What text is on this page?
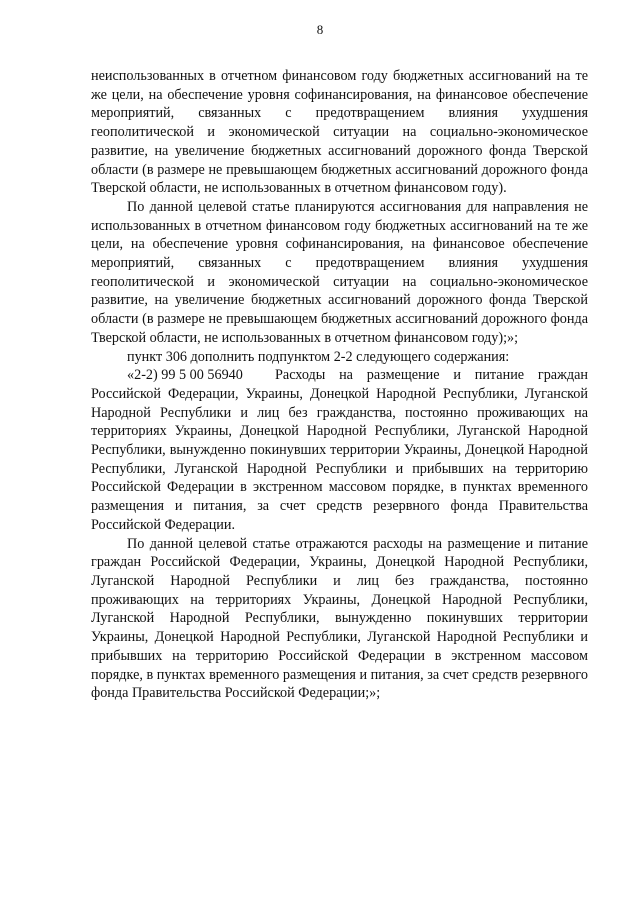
8

неиспользованных в отчетном финансовом году бюджетных ассигнований на те же цели, на обеспечение уровня софинансирования, на финансовое обеспечение мероприятий, связанных с предотвращением влияния ухудшения геополитической и экономической ситуации на социально-экономическое развитие, на увеличение бюджетных ассигнований дорожного фонда Тверской области (в размере не превышающем бюджетных ассигнований дорожного фонда Тверской области, не использованных в отчетном финансовом году).

По данной целевой статье планируются ассигнования для направления не использованных в отчетном финансовом году бюджетных ассигнований на те же цели, на обеспечение уровня софинансирования, на финансовое обеспечение мероприятий, связанных с предотвращением влияния ухудшения геополитической и экономической ситуации на социально-экономическое развитие, на увеличение бюджетных ассигнований дорожного фонда Тверской области (в размере не превышающем бюджетных ассигнований дорожного фонда Тверской области, не использованных в отчетном финансовом году);»;

пункт 306 дополнить подпунктом 2-2 следующего содержания:

«2-2) 99 5 00 56940 Расходы на размещение и питание граждан Российской Федерации, Украины, Донецкой Народной Республики, Луганской Народной Республики и лиц без гражданства, постоянно проживающих на территориях Украины, Донецкой Народной Республики, Луганской Народной Республики, вынужденно покинувших территории Украины, Донецкой Народной Республики, Луганской Народной Республики и прибывших на территорию Российской Федерации в экстренном массовом порядке, в пунктах временного размещения и питания, за счет средств резервного фонда Правительства Российской Федерации.

По данной целевой статье отражаются расходы на размещение и питание граждан Российской Федерации, Украины, Донецкой Народной Республики, Луганской Народной Республики и лиц без гражданства, постоянно проживающих на территориях Украины, Донецкой Народной Республики, Луганской Народной Республики, вынужденно покинувших территории Украины, Донецкой Народной Республики, Луганской Народной Республики и прибывших на территорию Российской Федерации в экстренном массовом порядке, в пунктах временного размещения и питания, за счет средств резервного фонда Правительства Российской Федерации;»;
